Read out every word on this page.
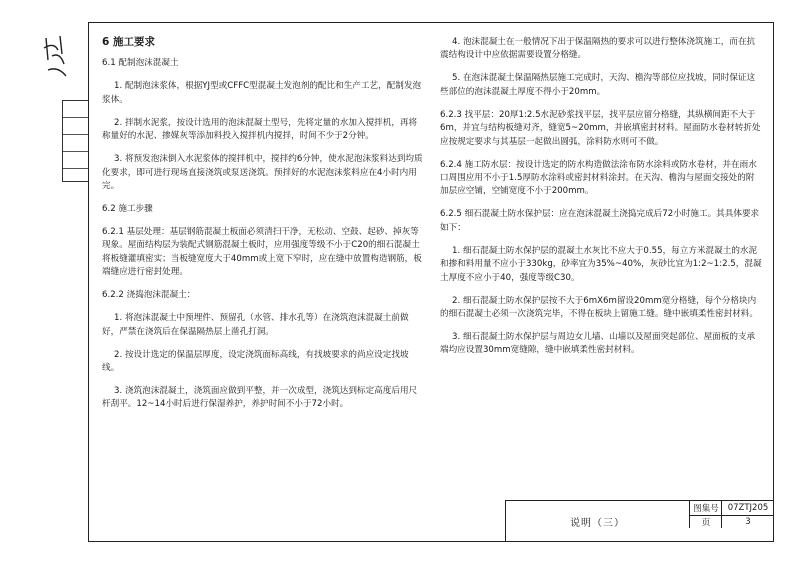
6 施工要求

6.1 配制泡沫混凝土

1. 配制泡沫浆体，根据YJ型或CFFC型混凝土发泡剂的配比和生产工艺，配制发泡浆体。

2. 拌制水泥浆，按设计选用的泡沫混凝土型号，先将定量的水加入搅拌机，再将称量好的水泥、掺媒灰等添加料投入搅拌机内搅拌，时间不少于2分钟。

3. 将预发泡沫倒入水泥浆体的搅拌机中，搅拌约6分钟，使水泥泡沫浆料达到均质化要求，即可进行现场直接浇筑或泵送浇筑。预拌好的水泥泡沫浆料应在4小时内用完。

6.2 施工步骤

6.2.1 基层处理：基层钢筋混凝土板面必须清扫干净，无松动、空鼓、起砂、掉灰等现象。屋面结构层为装配式钢筋混凝土板时，应用强度等级不小于C20的细石混凝土将板缝灌填密实；当板缝宽度大于40mm或上宽下窄时，应在缝中放置构造钢筋，板端缝应进行密封处理。

6.2.2 浇捣泡沫混凝土：

1. 将泡沫混凝土中预埋件、预留孔（水管、排水孔等）在浇筑泡沫混凝土前做好，严禁在浇筑后在保温隔热层上凿孔打洞。

2. 按设计选定的保温层厚度，设定浇筑面标高线，有找坡要求的尚应设定找坡线。

3. 浇筑泡沫混凝土，浇筑面应做到平整，并一次成型，浇筑达到标定高度后用尺杆刮平。12~14小时后进行保湿养护，养护时间不小于72小时。

4. 泡沫混凝土在一般情况下出于保温隔热的要求可以进行整体浇筑施工，而在抗震结构设计中应依据需要设置分格缝。

5. 在泡沫混凝土保温隔热层施工完成时，天沟、檐沟等部位应找坡，同时保证这些部位的泡沫混凝土厚度不得小于20mm。

6.2.3 找平层：20厚1:2.5水泥砂浆找平层，找平层应留分格缝，其纵横间距不大于6m，并宜与结构板缝对齐，缝宽5~20mm，并嵌填密封材料。屋面防水卷材转折处应按规定要求与其基层一起做出圆弧，涂料防水则可不做。

6.2.4 施工防水层：按设计选定的防水构造做法涂布防水涂料或防水卷材，并在雨水口周围应用不小于1.5厚防水涂料或密封材料涂封。在天沟、檐沟与屋面交接处的附加层应空铺，空铺宽度不小于200mm。

6.2.5 细石混凝土防水保护层：应在泡沫混凝土浇捣完成后72小时施工。其具体要求如下：

1. 细石混凝土防水保护层的混凝土水灰比不应大于0.55，每立方米混凝土的水泥和掺和料用量不应小于330kg，砂率宜为35%~40%，灰砂比宜为1:2~1:2.5，混凝土厚度不应小于40，强度等级C30。

2. 细石混凝土防水保护层按不大于6mX6m留设20mm宽分格缝，每个分格块内的细石混凝土必须一次浇筑完毕，不得在板块上留施工缝。缝中嵌填柔性密封材料。

3. 细石混凝土防水保护层与周边女儿墙、山墙以及屋面突起部位、屋面板的支承端均应设置30mm宽缝隙，缝中嵌填柔性密封材料。

说明（三）
图集号	07ZTJ205
页	3
